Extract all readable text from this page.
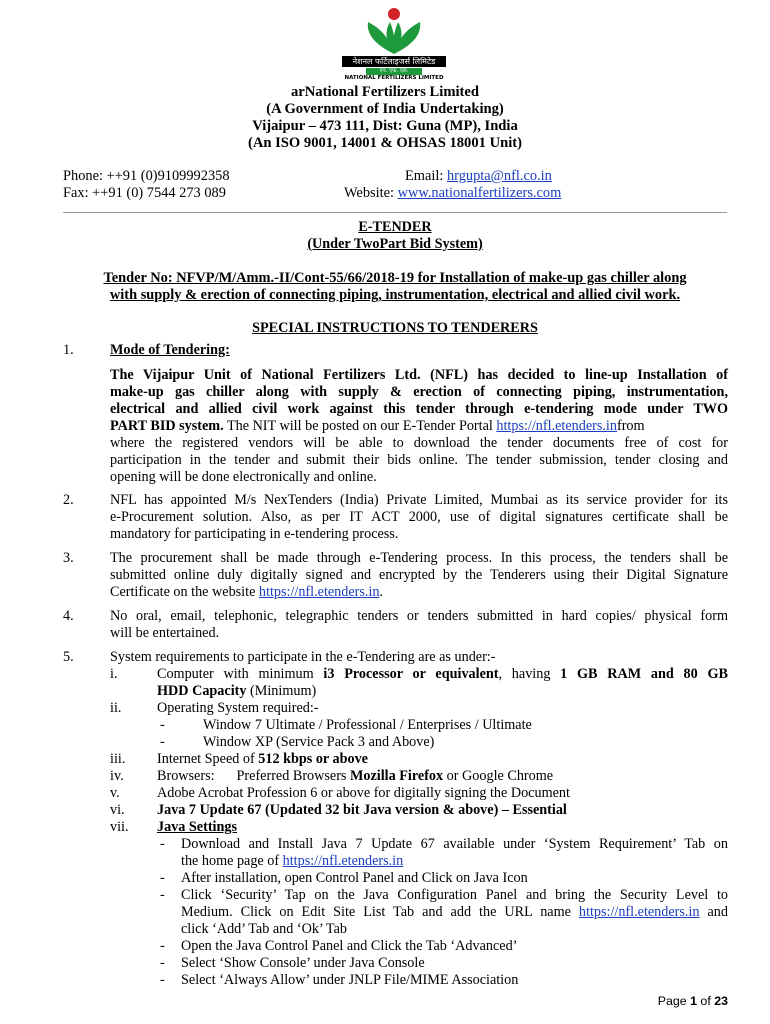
नेशनल फर्टिलाइजर्स लिमिटेड
एन. एफ. एल.
NATIONAL FERTILIZERS LIMITED
arNational Fertilizers Limited
(A Government of India Undertaking)
Vijaipur – 473 111, Dist: Guna (MP), India
(An ISO 9001, 14001 & OHSAS 18001 Unit)
Phone: ++91 (0)9109992358
Fax: ++91 (0) 7544 273 089
Email: hrgupta@nfl.co.in
Website: www.nationalfertilizers.com
E-TENDER
(Under TwoPart Bid System)
Tender No: NFVP/M/Amm.-II/Cont-55/66/2018-19 for Installation of make-up gas chiller along
with supply & erection of connecting piping, instrumentation, electrical and allied civil work.
SPECIAL INSTRUCTIONS TO TENDERERS
1.	Mode of Tendering:
The Vijaipur Unit of National Fertilizers Ltd. (NFL) has decided to line-up Installation of
make-up gas chiller along with supply & erection of connecting piping, instrumentation,
electrical and allied civil work against this tender through e-tendering mode under TWO
PART BID system. The NIT will be posted on our E-Tender Portal https://nfl.etenders.infrom
where the registered vendors will be able to download the tender documents free of cost for
participation in the tender and submit their bids online. The tender submission, tender closing and
opening will be done electronically and online.
2.	NFL has appointed M/s NexTenders (India) Private Limited, Mumbai as its service provider for its
e-Procurement solution. Also, as per IT ACT 2000, use of digital signatures certificate shall be
mandatory for participating in e-tendering process.
3.	The procurement shall be made through e-Tendering process. In this process, the tenders shall be
submitted online duly digitally signed and encrypted by the Tenderers using their Digital Signature
Certificate on the website https://nfl.etenders.in.
4.	No oral, email, telephonic, telegraphic tenders or tenders submitted in hard copies/ physical form
will be entertained.
5.	System requirements to participate in the e-Tendering are as under:-
i.	Computer with minimum i3 Processor or equivalent, having 1 GB RAM and 80 GB
HDD Capacity (Minimum)
ii.	Operating System required:-
-	Window 7 Ultimate / Professional / Enterprises / Ultimate
-	Window XP (Service Pack 3 and Above)
iii. Internet Speed of 512 kbps or above
iv. Browsers: Preferred Browsers Mozilla Firefox or Google Chrome
v.	Adobe Acrobat Profession 6 or above for digitally signing the Document
vi. Java 7 Update 67 (Updated 32 bit Java version & above) – Essential
vii. Java Settings
- Download and Install Java 7 Update 67 available under ‘System Requirement’ Tab on
the home page of https://nfl.etenders.in
- After installation, open Control Panel and Click on Java Icon
- Click ‘Security’ Tap on the Java Configuration Panel and bring the Security Level to
Medium. Click on Edit Site List Tab and add the URL name https://nfl.etenders.in and
click ‘Add’ Tab and ‘Ok’ Tab
- Open the Java Control Panel and Click the Tab ‘Advanced’
- Select ‘Show Console’ under Java Console
- Select ‘Always Allow’ under JNLP File/MIME Association
Page 1 of 23
